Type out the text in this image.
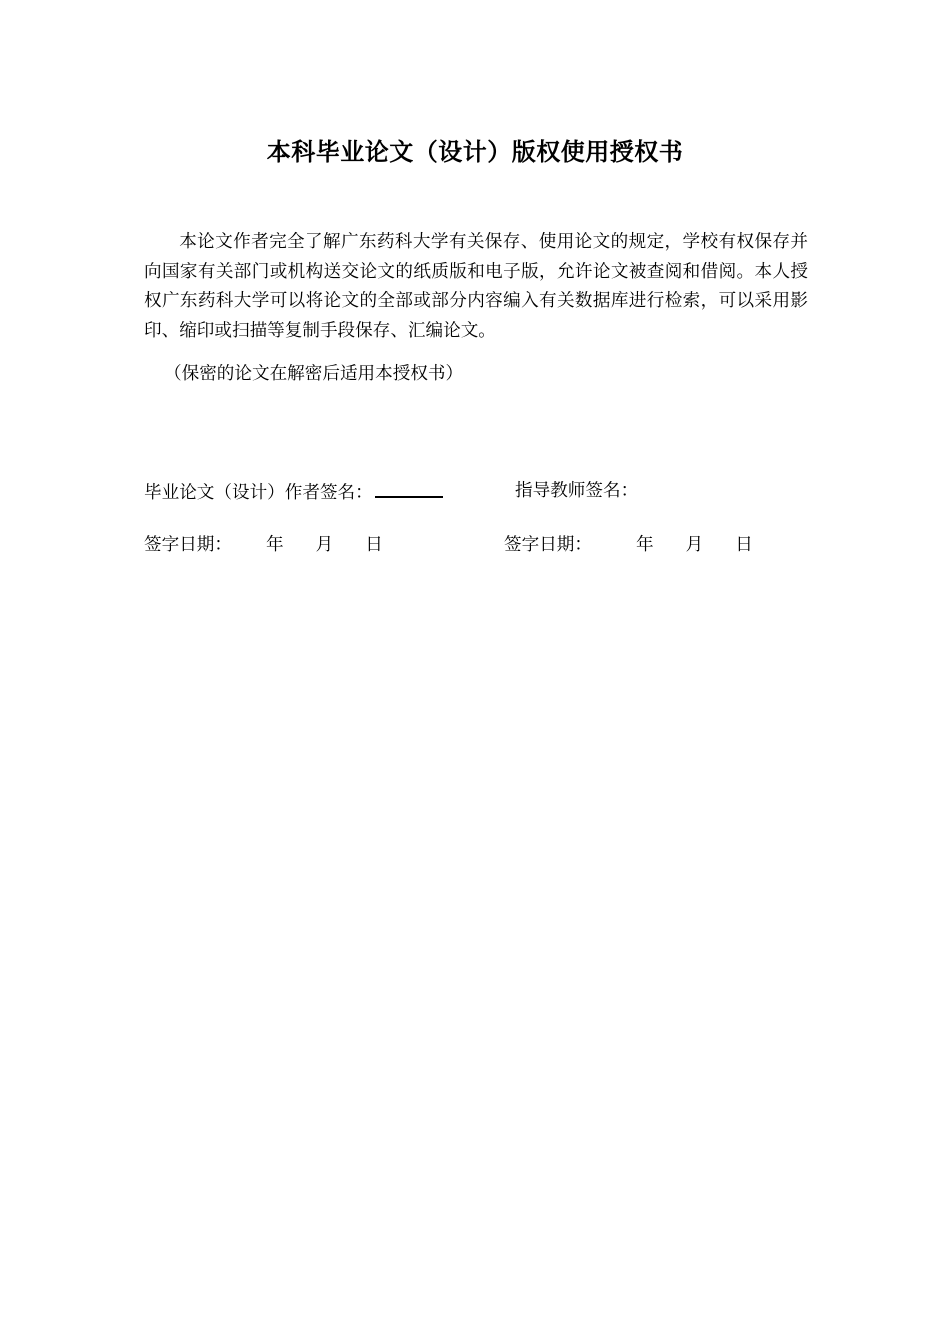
本科毕业论文（设计）版权使用授权书

本论文作者完全了解广东药科大学有关保存、使用论文的规定，学校有权保存并向国家有关部门或机构送交论文的纸质版和电子版，允许论文被查阅和借阅。本人授权广东药科大学可以将论文的全部或部分内容编入有关数据库进行检索，可以采用影印、缩印或扫描等复制手段保存、汇编论文。

（保密的论文在解密后适用本授权书）

毕业论文（设计）作者签名：	指导教师签名：
签字日期： 年 月 日	签字日期：	年 月 日
